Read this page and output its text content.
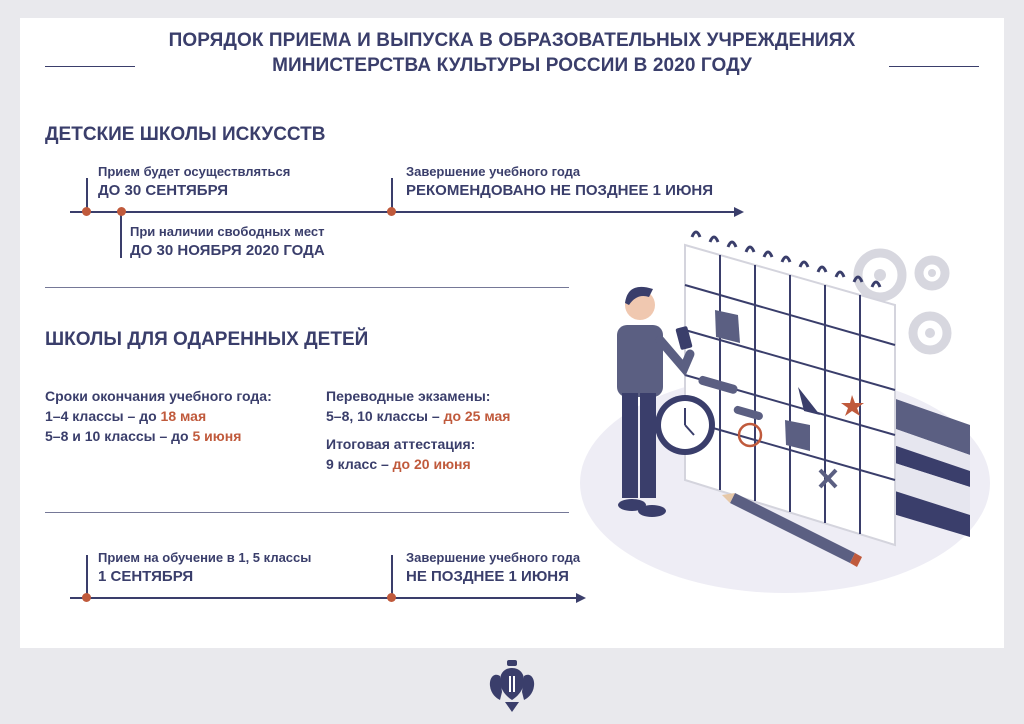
ПОРЯДОК ПРИЕМА И ВЫПУСКА В ОБРАЗОВАТЕЛЬНЫХ УЧРЕЖДЕНИЯХ
МИНИСТЕРСТВА КУЛЬТУРЫ РОССИИ В 2020 ГОДУ
ДЕТСКИЕ ШКОЛЫ ИСКУССТВ
Прием будет осуществляться
ДО 30 СЕНТЯБРЯ
Завершение учебного года
РЕКОМЕНДОВАНО НЕ ПОЗДНЕЕ 1 ИЮНЯ
При наличии свободных мест
ДО 30 НОЯБРЯ 2020 ГОДА
ШКОЛЫ ДЛЯ ОДАРЕННЫХ ДЕТЕЙ
Сроки окончания учебного года:
1–4 классы – до 18 мая
5–8 и 10 классы – до 5 июня
Переводные экзамены:
5–8, 10 классы – до 25 мая
Итоговая аттестация:
9 класс – до 20 июня
Прием на обучение в 1, 5 классы
1 СЕНТЯБРЯ
Завершение учебного года
НЕ ПОЗДНЕЕ 1 ИЮНЯ
